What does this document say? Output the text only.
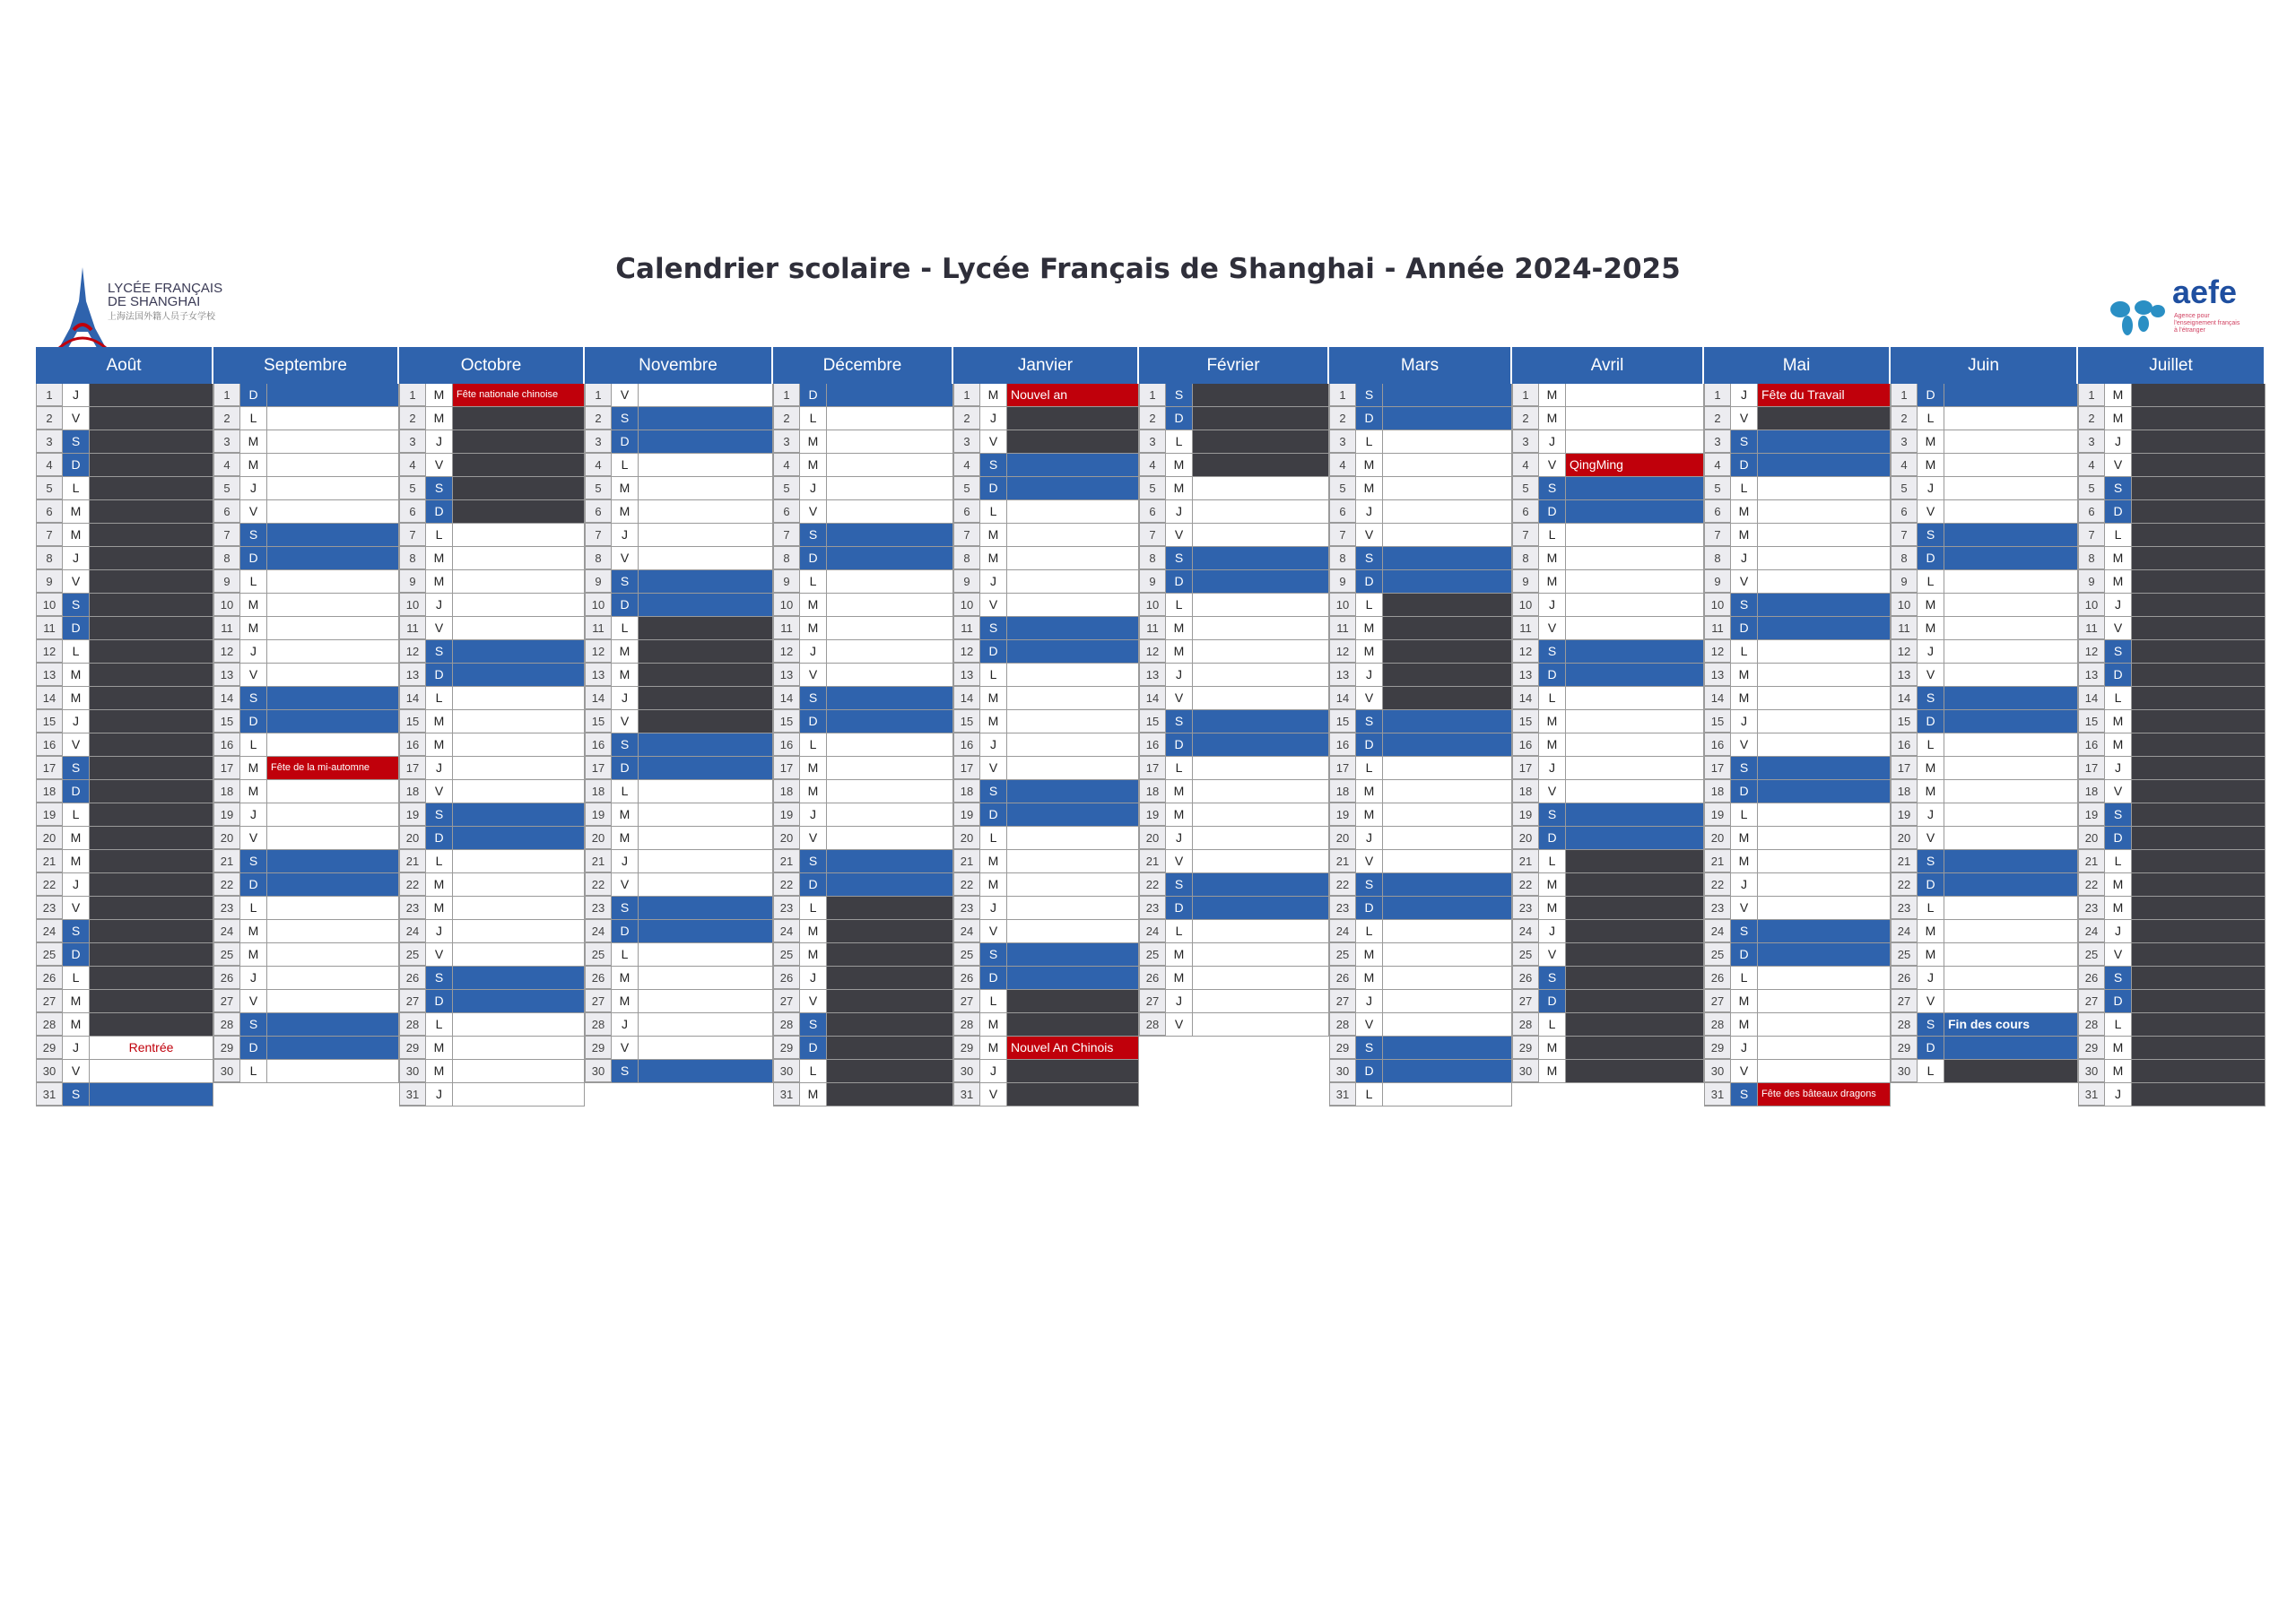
LYCÉE FRANÇAIS
DE SHANGHAI
上海法国外籍人员子女学校
Calendrier scolaire - Lycée Français de Shanghai - Année 2024-2025
aefe
Agence pour
l'enseignement français
à l'étranger
Août
1	J
2	V
3	S
4	D
5	L
6	M
7	M
8	J
9	V
10	S
11	D
12	L
13	M
14	M
15	J
16	V
17	S
18	D
19	L
20	M
21	M
22	J
23	V
24	S
25	D
26	L
27	M
28	M
29	J	Rentrée
30	V
31	S
Septembre
1	D
2	L
3	M
4	M
5	J
6	V
7	S
8	D
9	L
10	M
11	M
12	J
13	V
14	S
15	D
16	L
17	M	Fête de la mi-automne
18	M
19	J
20	V
21	S
22	D
23	L
24	M
25	M
26	J
27	V
28	S
29	D
30	L
Octobre
1	M	Fête nationale chinoise
2	M
3	J
4	V
5	S
6	D
7	L
8	M
9	M
10	J
11	V
12	S
13	D
14	L
15	M
16	M
17	J
18	V
19	S
20	D
21	L
22	M
23	M
24	J
25	V
26	S
27	D
28	L
29	M
30	M
31	J
Novembre
1	V
2	S
3	D
4	L
5	M
6	M
7	J
8	V
9	S
10	D
11	L
12	M
13	M
14	J
15	V
16	S
17	D
18	L
19	M
20	M
21	J
22	V
23	S
24	D
25	L
26	M
27	M
28	J
29	V
30	S
Décembre
1	D
2	L
3	M
4	M
5	J
6	V
7	S
8	D
9	L
10	M
11	M
12	J
13	V
14	S
15	D
16	L
17	M
18	M
19	J
20	V
21	S
22	D
23	L
24	M
25	M
26	J
27	V
28	S
29	D
30	L
31	M
Janvier
1	M Nouvel an
2	J
3	V
4	S
5	D
6	L
7	M
8	M
9	J
10	V
11	S
12	D
13	L
14	M
15	M
16	J
17	V
18	S
19	D
20	L
21	M
22	M
23	J
24	V
25	S
26	D
27	L
28	M
29	M Nouvel An Chinois
30	J
31	V
Février
1	S
2	D
3	L
4	M
5	M
6	J
7	V
8	S
9	D
10	L
11	M
12	M
13	J
14	V
15	S
16	D
17	L
18	M
19	M
20	J
21	V
22	S
23	D
24	L
25	M
26	M
27	J
28	V
Mars
1	S
2	D
3	L
4	M
5	M
6	J
7	V
8	S
9	D
10	L
11	M
12	M
13	J
14	V
15	S
16	D
17	L
18	M
19	M
20	J
21	V
22	S
23	D
24	L
25	M
26	M
27	J
28	V
29	S
30	D
31	L
Avril
1	M
2	M
3	J
4	V	QingMing
5	S
6	D
7	L
8	M
9	M
10	J
11	V
12	S
13	D
14	L
15	M
16	M
17	J
18	V
19	S
20	D
21	L
22	M
23	M
24	J
25	V
26	S
27	D
28	L
29	M
30	M
Mai
1	J	Fête du Travail
2	V
3	S
4	D
5	L
6	M
7	M
8	J
9	V
10	S
11	D
12	L
13	M
14	M
15	J
16	V
17	S
18	D
19	L
20	M
21	M
22	J
23	V
24	S
25	D
26	L
27	M
28	M
29	J
30	V
31	S	Fête des bâteaux dragons
Juin
1	D
2	L
3	M
4	M
5	J
6	V
7	S
8	D
9	L
10	M
11	M
12	J
13	V
14	S
15	D
16	L
17	M
18	M
19	J
20	V
21	S
22	D
23	L
24	M
25	M
26	J
27	V
28	S	Fin des cours
29	D
30	L
Juillet
1	M
2	M
3	J
4	V
5	S
6	D
7	L
8	M
9	M
10	J
11	V
12	S
13	D
14	L
15	M
16	M
17	J
18	V
19	S
20	D
21	L
22	M
23	M
24	J
25	V
26	S
27	D
28	L
29	M
30	M
31	J
